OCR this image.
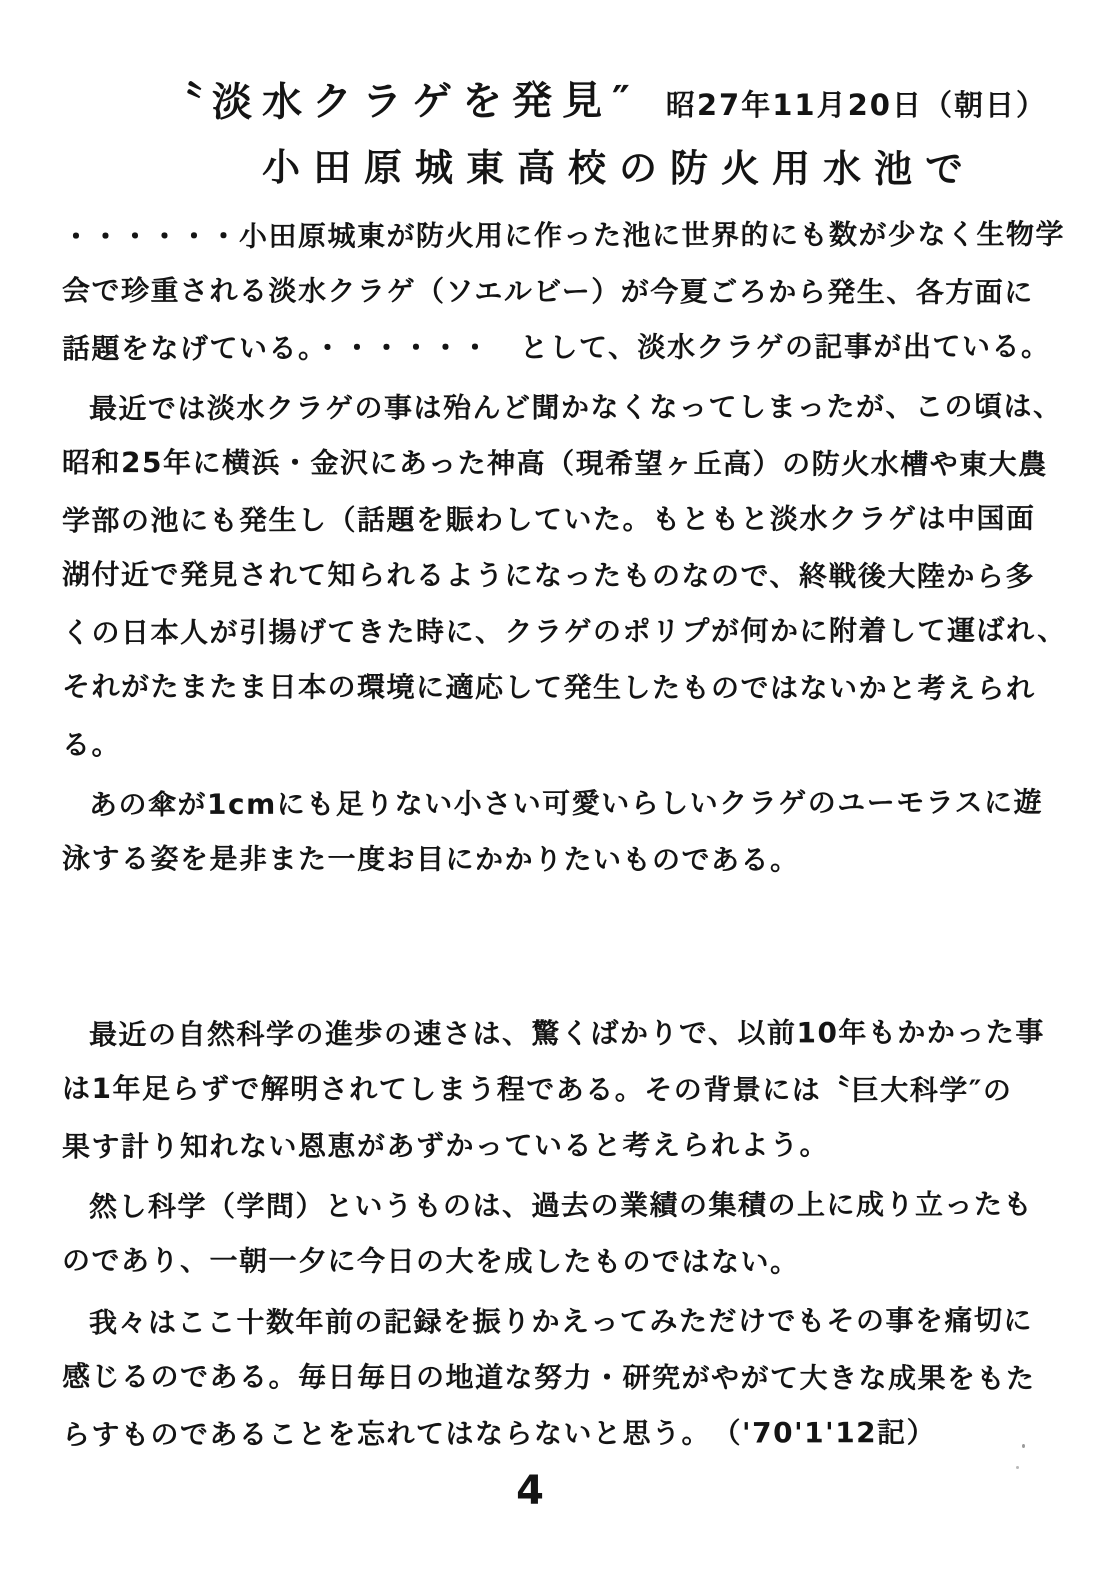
〝淡水クラゲを発見″ 昭27年11月20日（朝日）
小田原城東高校の防火用水池で
・・・・・・小田原城東が防火用に作った池に世界的にも数が少なく生物学
会で珍重される淡水クラゲ（ソエルビー）が今夏ごろから発生、各方面に
話題をなげている。・・・・・・　として、淡水クラゲの記事が出ている。
最近では淡水クラゲの事は殆んど聞かなくなってしまったが、この頃は、
昭和25年に横浜・金沢にあった神高（現希望ヶ丘高）の防火水槽や東大農
学部の池にも発生し（話題を賑わしていた。もともと淡水クラゲは中国面
湖付近で発見されて知られるようになったものなので、終戦後大陸から多
くの日本人が引揚げてきた時に、クラゲのポリプが何かに附着して運ばれ、
それがたまたま日本の環境に適応して発生したものではないかと考えられ
る。
あの傘が1cmにも足りない小さい可愛いらしいクラゲのユーモラスに遊
泳する姿を是非また一度お目にかかりたいものである。
最近の自然科学の進歩の速さは、驚くばかりで、以前10年もかかった事
は1年足らずで解明されてしまう程である。その背景には〝巨大科学″の
果す計り知れない恩恵があずかっていると考えられよう。
然し科学（学問）というものは、過去の業績の集積の上に成り立ったも
のであり、一朝一夕に今日の大を成したものではない。
我々はここ十数年前の記録を振りかえってみただけでもその事を痛切に
感じるのである。毎日毎日の地道な努力・研究がやがて大きな成果をもた
らすものであることを忘れてはならないと思う。　（'70'1'12記）
4
